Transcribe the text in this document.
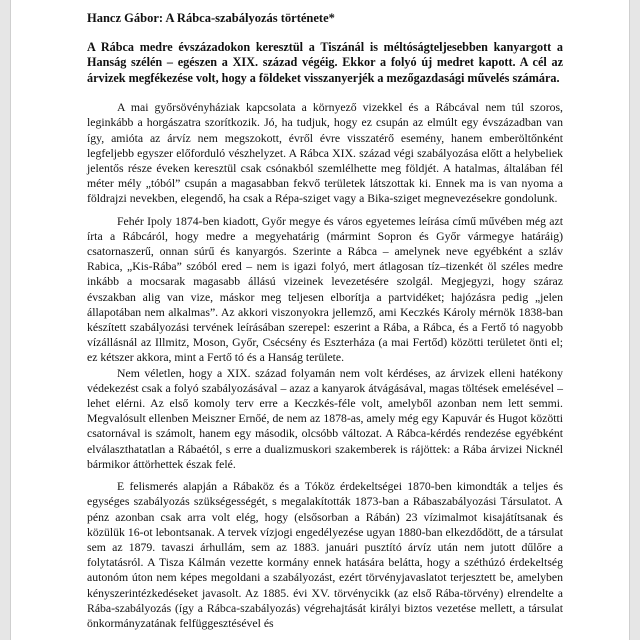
Hancz Gábor: A Rábca-szabályozás története*
A Rábca medre évszázadokon keresztül a Tiszánál is méltóságteljesebben kanyargott a Hanság szélén – egészen a XIX. század végéig. Ekkor a folyó új medret kapott. A cél az árvizek megfékezése volt, hogy a földeket visszanyerjék a mezőgazdasági művelés számára.

A mai győrsövényháziak kapcsolata a környező vizekkel és a Rábcával nem túl szoros, leginkább a horgászatra szorítkozik. Jó, ha tudjuk, hogy ez csupán az elmúlt egy évszázadban van így, amióta az árvíz nem megszokott, évről évre visszatérő esemény, hanem emberöltőnként legfeljebb egyszer előforduló vészhelyzet. A Rábca XIX. század végi szabályozása előtt a helybeliek jelentős része éveken keresztül csak csónakból szemlélhette meg földjét. A hatalmas, általában fél méter mély „tóból” csupán a magasabban fekvő területek látszottak ki. Ennek ma is van nyoma a földrajzi nevekben, elegendő, ha csak a Répa-sziget vagy a Bika-sziget megnevezésekre gondolunk.

Fehér Ipoly 1874-ben kiadott, Győr megye és város egyetemes leírása című művében még azt írta a Rábcáról, hogy medre a megyehatárig (mármint Sopron és Győr vármegye határáig) csatornaszerű, onnan súrű és kanyargós. Szerinte a Rábca – amelynek neve egyébként a szláv Rabica, „Kis-Rába” szóból ered – nem is igazi folyó, mert átlagosan tíz–tizenkét öl széles medre inkább a mocsarak magasabb állású vizeinek levezetésére szolgál. Megjegyzi, hogy száraz évszakban alig van vize, máskor meg teljesen elborítja a partvidéket; hajózásra pedig „jelen állapotában nem alkalmas”. Az akkori viszonyokra jellemző, ami Keczkés Károly mérnök 1838-ban készített szabályozási tervének leírásában szerepel: eszerint a Rába, a Rábca, és a Fertő tó nagyobb vízállásnál az Illmitz, Moson, Győr, Csécsény és Eszterháza (a mai Fertőd) közötti területet önti el; ez kétszer akkora, mint a Fertő tó és a Hanság területe.

Nem véletlen, hogy a XIX. század folyamán nem volt kérdéses, az árvizek elleni hatékony védekezést csak a folyó szabályozásával – azaz a kanyarok átvágásával, magas töltések emelésével – lehet elérni. Az első komoly terv erre a Keczkés-féle volt, amelyből azonban nem lett semmi. Megvalósult ellenben Meiszner Ernőé, de nem az 1878-as, amely még egy Kapuvár és Hugot közötti csatornával is számolt, hanem egy második, olcsóbb változat. A Rábca-kérdés rendezése egyébként elválaszthatatlan a Rábaétól, s erre a dualizmuskori szakemberek is rájöttek: a Rába árvizei Nicknél bármikor áttörhettek észak felé.

E felismerés alapján a Rábaköz és a Tóköz érdekeltségei 1870-ben kimondták a teljes és egységes szabályozás szükségességét, s megalakították 1873-ban a Rábaszabályozási Társulatot. A pénz azonban csak arra volt elég, hogy (elsősorban a Rábán) 23 vízimalmot kisajátítsanak és közülük 16-ot lebontsanak. A tervek vízjogi engedélyezése ugyan 1880-ban elkezdődött, de a társulat sem az 1879. tavaszi árhullám, sem az 1883. januári pusztító árvíz után nem jutott dűlőre a folytatásról. A Tisza Kálmán vezette kormány ennek hatására belátta, hogy a széthúzó érdekeltség autonóm úton nem képes megoldani a szabályozást, ezért törvényjavaslatot terjesztett be, amelyben kényszerintézkedéseket javasolt. Az 1885. évi XV. törvénycikk (az első Rába-törvény) elrendelte a Rába-szabályozás (így a Rábca-szabályozás) végrehajtását királyi biztos vezetése mellett, a társulat önkormányzatának felfüggesztésével és
